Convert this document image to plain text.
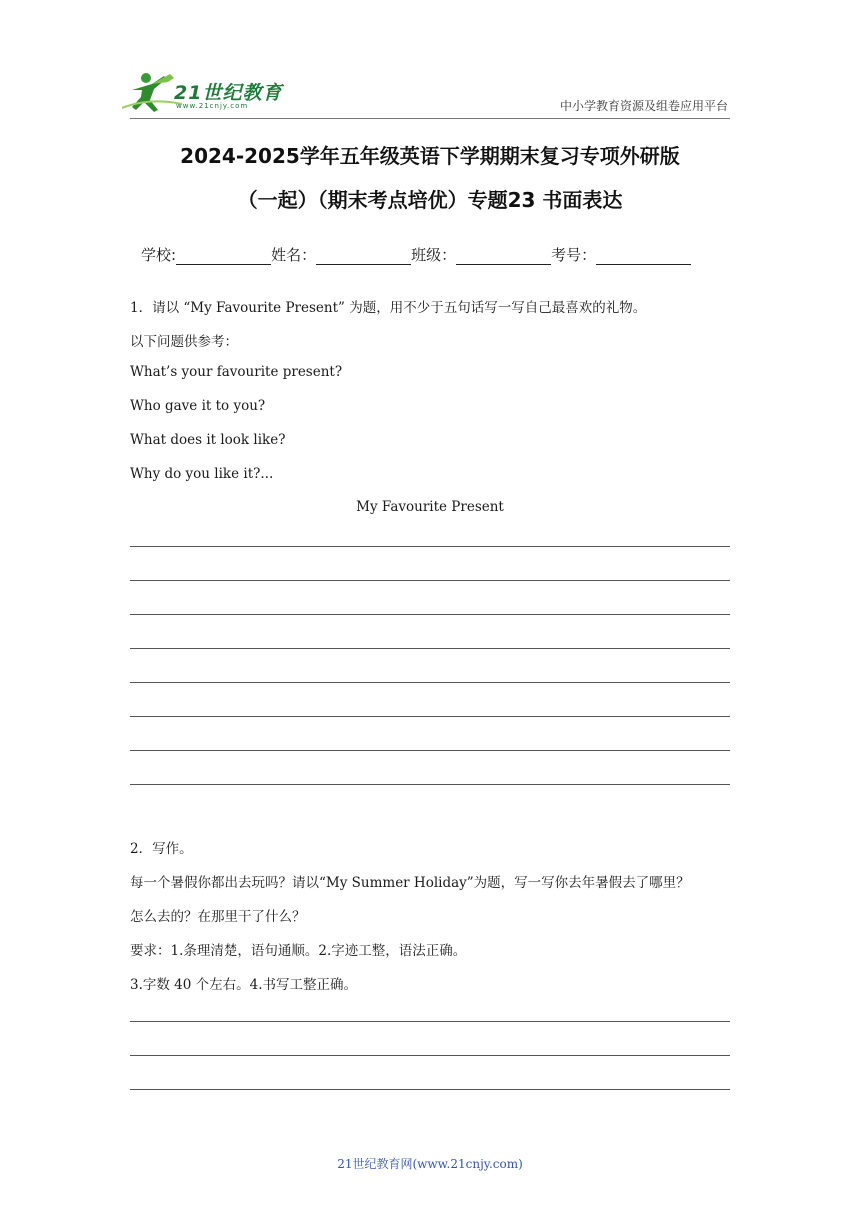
21世纪教育
www.21cnjy.com	中小学教育资源及组卷应用平台
2024-2025学年五年级英语下学期期末复习专项外研版
（一起）（期末考点培优）专题23 书面表达
学校:	姓名：	班级：	考号：
1．请以 “My Favourite Present” 为题，用不少于五句话写一写自己最喜欢的礼物。
以下问题供参考：
What’s your favourite present?
Who gave it to you?
What does it look like?
Why do you like it?...
My Favourite Present
2．写作。
每一个暑假你都出去玩吗？请以“My Summer Holiday”为题，写一写你去年暑假去了哪里？
怎么去的？在那里干了什么？
要求：1.条理清楚，语句通顺。2.字迹工整，语法正确。
3.字数 40 个左右。4.书写工整正确。
21世纪教育网(www.21cnjy.com)
